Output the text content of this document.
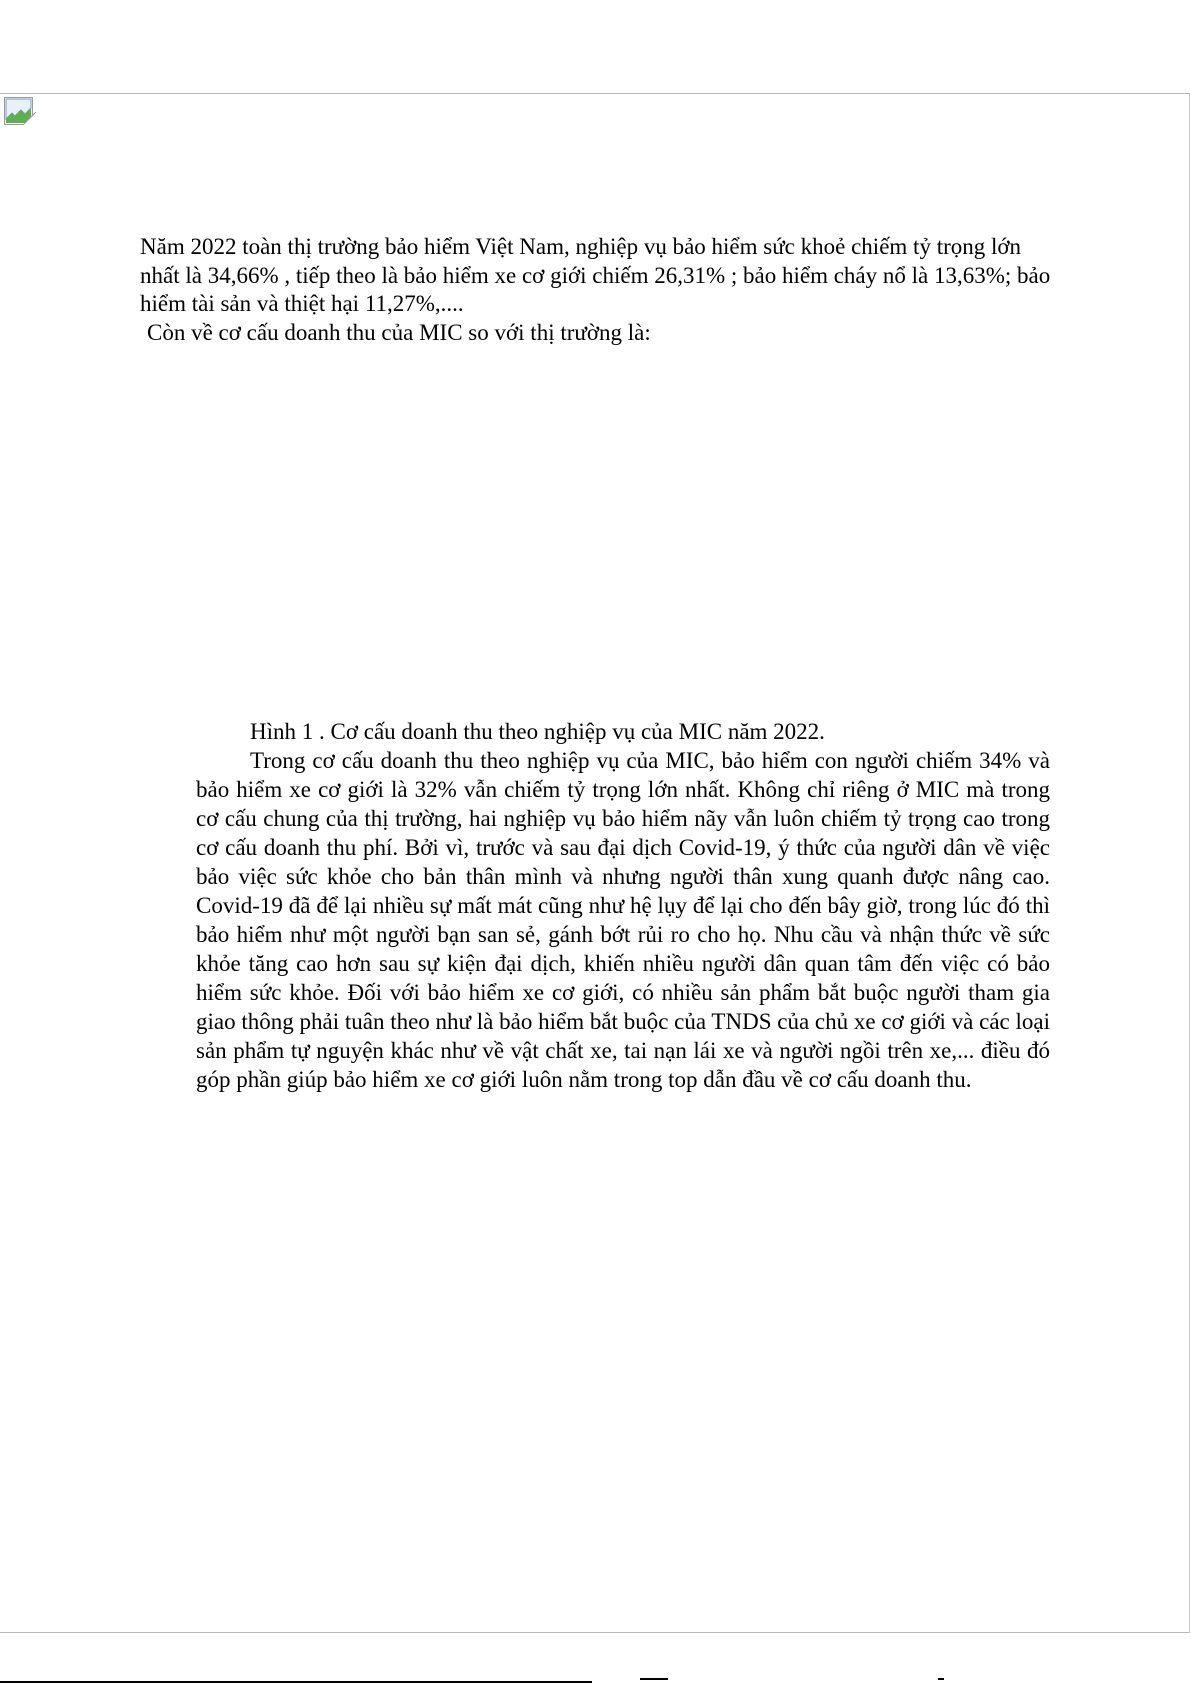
Năm 2022 toàn thị trường bảo hiểm Việt Nam, nghiệp vụ bảo hiểm sức khoẻ chiếm tỷ trọng lớn nhất là 34,66% , tiếp theo là bảo hiểm xe cơ giới chiếm 26,31% ; bảo hiểm cháy nổ là 13,63%; bảo hiểm tài sản và thiệt hại 11,27%,....

Còn về cơ cấu doanh thu của MIC so với thị trường là:

Hình 1 . Cơ cấu doanh thu theo nghiệp vụ của MIC năm 2022.

Trong cơ cấu doanh thu theo nghiệp vụ của MIC, bảo hiểm con người chiếm 34% và bảo hiểm xe cơ giới là 32% vẫn chiếm tỷ trọng lớn nhất. Không chỉ riêng ở MIC mà trong cơ cấu chung của thị trường, hai nghiệp vụ bảo hiểm nãy vẫn luôn chiếm tỷ trọng cao trong cơ cấu doanh thu phí. Bởi vì, trước và sau đại dịch Covid-19, ý thức của người dân về việc bảo việc sức khỏe cho bản thân mình và nhưng người thân xung quanh được nâng cao. Covid-19 đã để lại nhiều sự mất mát cũng như hệ lụy để lại cho đến bây giờ, trong lúc đó thì bảo hiểm như một người bạn san sẻ, gánh bớt rủi ro cho họ. Nhu cầu và nhận thức về sức khỏe tăng cao hơn sau sự kiện đại dịch, khiến nhiều người dân quan tâm đến việc có bảo hiểm sức khỏe. Đối với bảo hiểm xe cơ giới, có nhiều sản phẩm bắt buộc người tham gia giao thông phải tuân theo như là bảo hiểm bắt buộc của TNDS của chủ xe cơ giới và các loại sản phẩm tự nguyện khác như về vật chất xe, tai nạn lái xe và người ngồi trên xe,... điều đó góp phần giúp bảo hiểm xe cơ giới luôn nằm trong top dẫn đầu về cơ cấu doanh thu.
